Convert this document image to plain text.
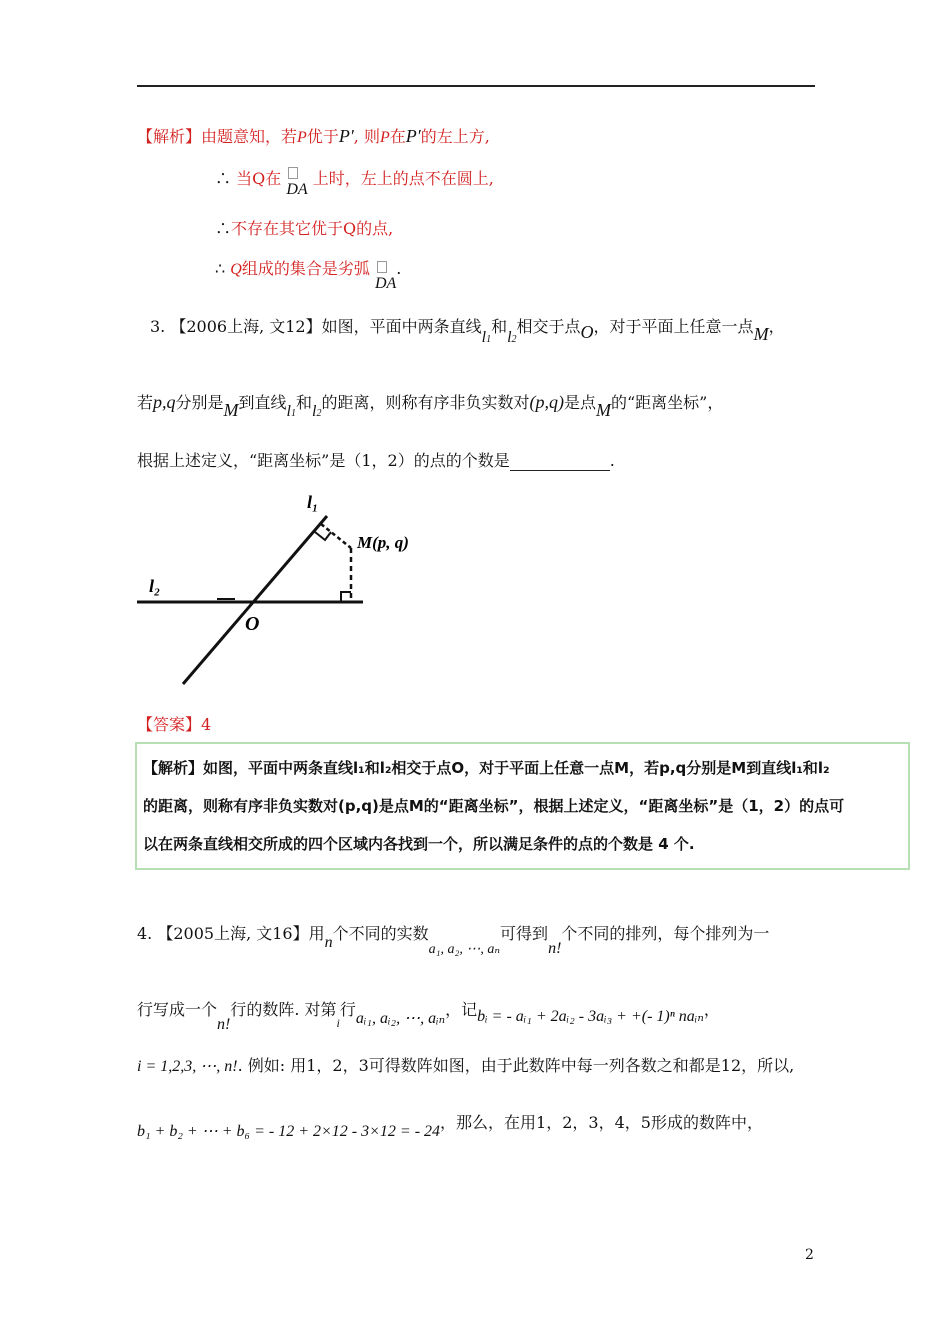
【解析】由题意知，若P优于P′, 则P在P′的左上方,
∴ 当Q在
DA 上时，左上的点不在圆上,
∴不存在其它优于Q的点,
∴ Q组成的集合是劣弧
DA.
3. 【2006上海, 文12】如图，平面中两条直线l1和l2相交于点O，对于平面上任意一点M，
若p,q分别是M到直线l1和l2的距离，则称有序非负实数对(p,q)是点M的“距离坐标”，
根据上述定义，“距离坐标”是（1，2）的点的个数是	.
l₂
l₁
O
M(p, q)
【答案】4
【解析】如图，平面中两条直线l₁和l₂相交于点O，对于平面上任意一点M，若p,q分别是M到直线l₁和l₂
的距离，则称有序非负实数对(p,q)是点M的“距离坐标”，根据上述定义，“距离坐标”是（1，2）的点可
以在两条直线相交所成的四个区域内各找到一个，所以满足条件的点的个数是 4 个.
4. 【2005上海, 文16】用n个不同的实数a₁, a₂, ⋯, aₙ可得到n!个不同的排列，每个排列为一
行写成一个n!行的数阵. 对第$_i$行aᵢ₁, aᵢ₂, ⋯, aᵢₙ，记bᵢ = - aᵢ₁ + 2aᵢ₂ - 3aᵢ₃ + +(- 1)ⁿ naᵢₙ，
i = 1,2,3, ⋯, n!. 例如: 用1，2，3可得数阵如图，由于此数阵中每一列各数之和都是12，所以,
b₁ + b₂ + ⋯ + b₆ = - 12 + 2×12 - 3×12 = - 24，那么，在用1，2，3，4，5形成的数阵中，
2
